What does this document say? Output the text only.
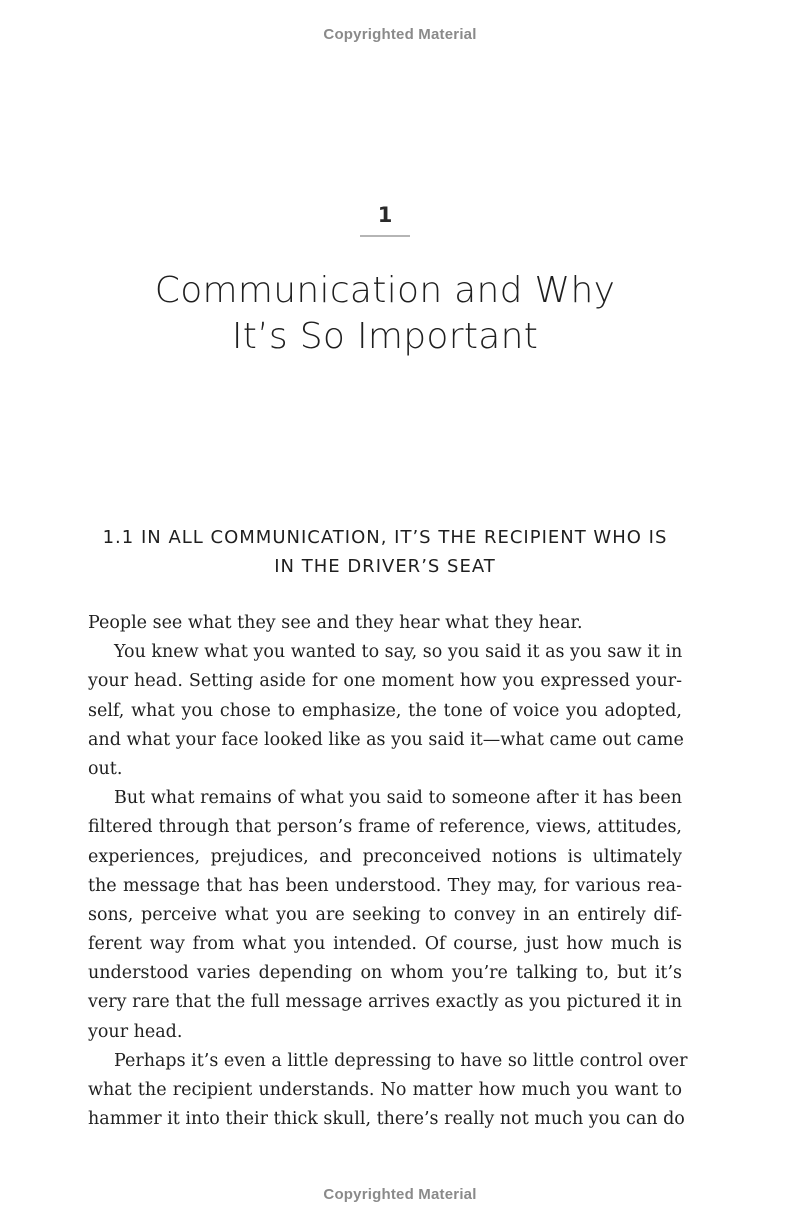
Copyrighted Material
1
Communication and Why
It’s So Important
1.1 IN ALL COMMUNICATION, IT’S THE RECIPIENT WHO IS
IN THE DRIVER’S SEAT
People see what they see and they hear what they hear.
You knew what you wanted to say, so you said it as you saw it in
your head. Setting aside for one moment how you expressed your-
self, what you chose to emphasize, the tone of voice you adopted,
and what your face looked like as you said it—what came out came
out.
But what remains of what you said to someone after it has been
filtered through that person’s frame of reference, views, attitudes,
experiences, prejudices, and preconceived notions is ultimately
the message that has been understood. They may, for various rea-
sons, perceive what you are seeking to convey in an entirely dif-
ferent way from what you intended. Of course, just how much is
understood varies depending on whom you’re talking to, but it’s
very rare that the full message arrives exactly as you pictured it in
your head.
Perhaps it’s even a little depressing to have so little control over
what the recipient understands. No matter how much you want to
hammer it into their thick skull, there’s really not much you can do
Copyrighted Material
